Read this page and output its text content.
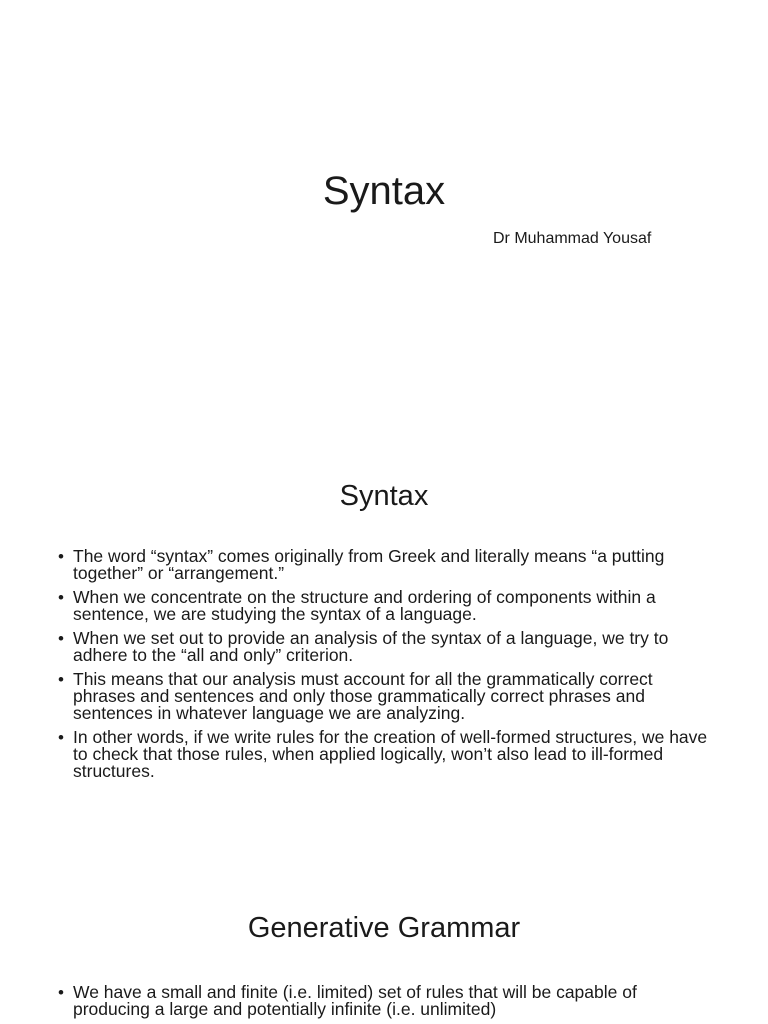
Syntax

Dr Muhammad Yousaf

Syntax
• The word “syntax” comes originally from Greek and literally means “a putting together” or “arrangement.”
• When we concentrate on the structure and ordering of components within a sentence, we are studying the syntax of a language.
• When we set out to provide an analysis of the syntax of a language, we try to adhere to the “all and only” criterion.
• This means that our analysis must account for all the grammatically correct phrases and sentences and only those grammatically correct phrases and sentences in whatever language we are analyzing.
• In other words, if we write rules for the creation of well-formed structures, we have to check that those rules, when applied logically, won’t also lead to ill-formed structures.
Generative Grammar
• We have a small and finite (i.e. limited) set of rules that will be capable of producing a large and potentially infinite (i.e. unlimited)
